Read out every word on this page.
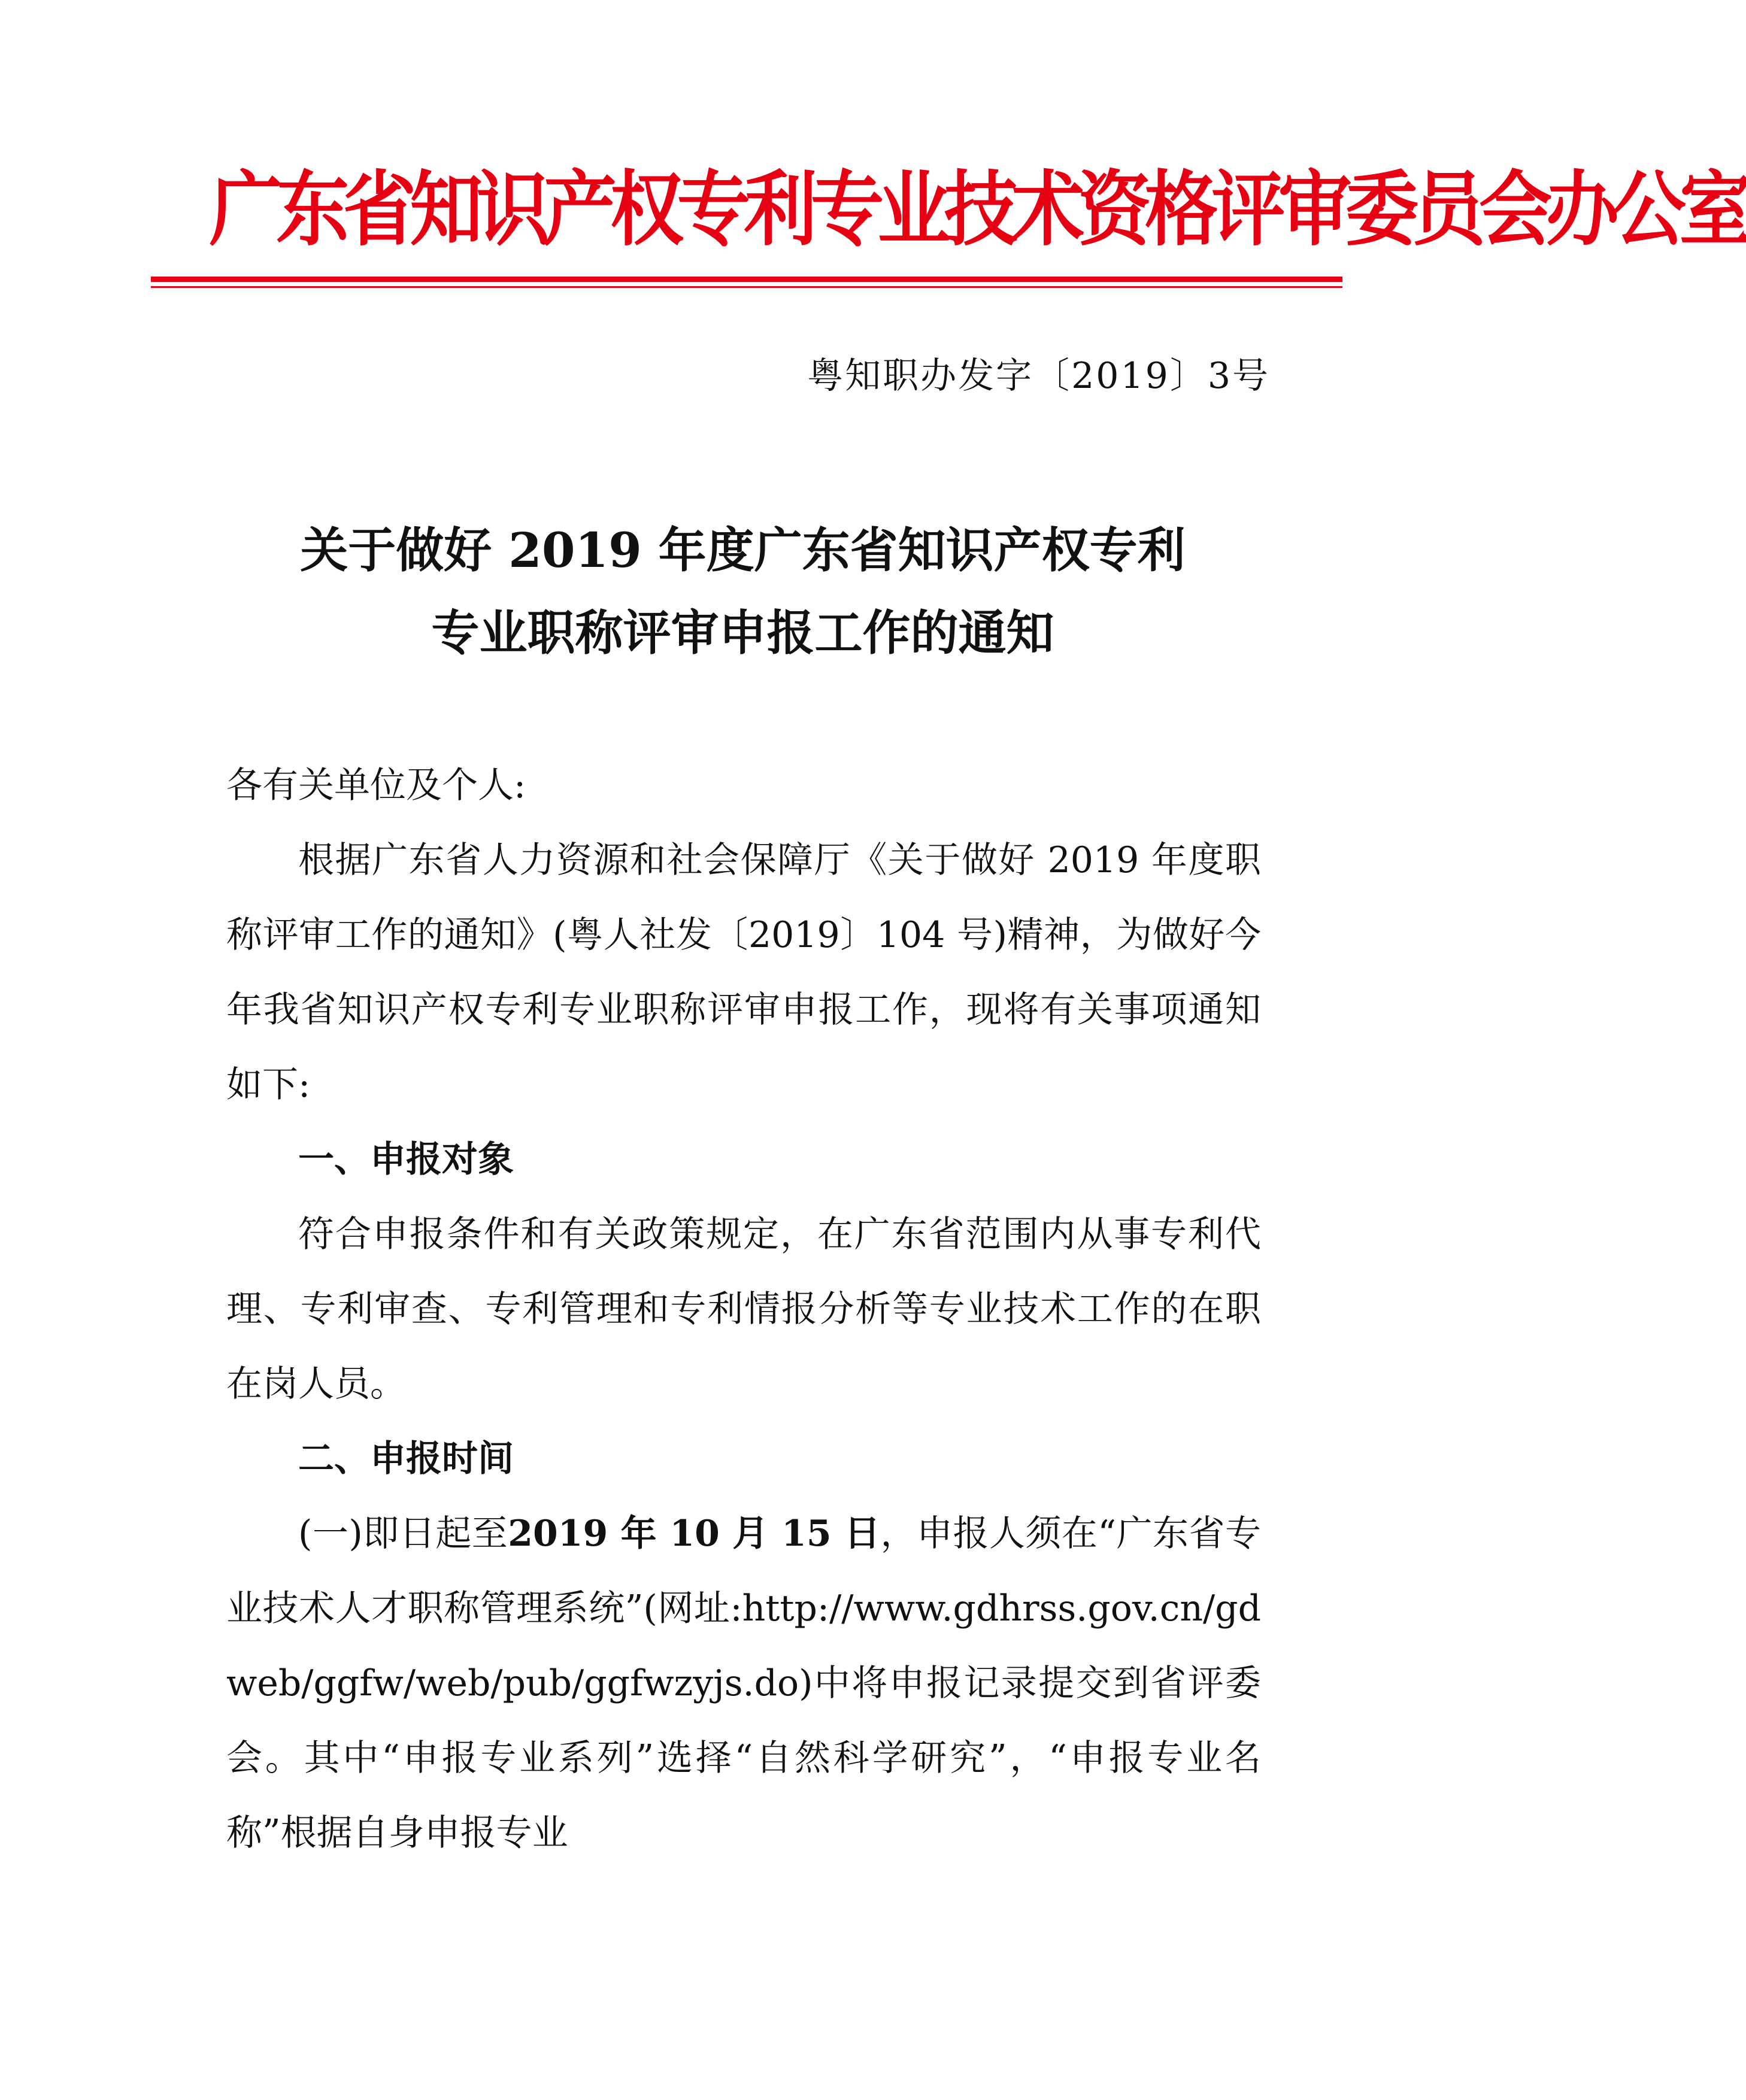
广东省知识产权专利专业技术资格评审委员会办公室
粤知职办发字〔2019〕3号
关于做好 2019 年度广东省知识产权专利
专业职称评审申报工作的通知

各有关单位及个人:

根据广东省人力资源和社会保障厅《关于做好 2019 年度职称评审工作的通知》(粤人社发〔2019〕104 号)精神，为做好今年我省知识产权专利专业职称评审申报工作，现将有关事项通知如下:

一、申报对象

符合申报条件和有关政策规定，在广东省范围内从事专利代理、专利审查、专利管理和专利情报分析等专业技术工作的在职在岗人员。

二、申报时间

(一)即日起至2019 年 10 月 15 日，申报人须在“广东省专业技术人才职称管理系统”(网址:http://www.gdhrss.gov.cn/gdweb/ggfw/web/pub/ggfwzyjs.do)中将申报记录提交到省评委会。其中“申报专业系列”选择“自然科学研究”，“申报专业名称”根据自身申报专业
